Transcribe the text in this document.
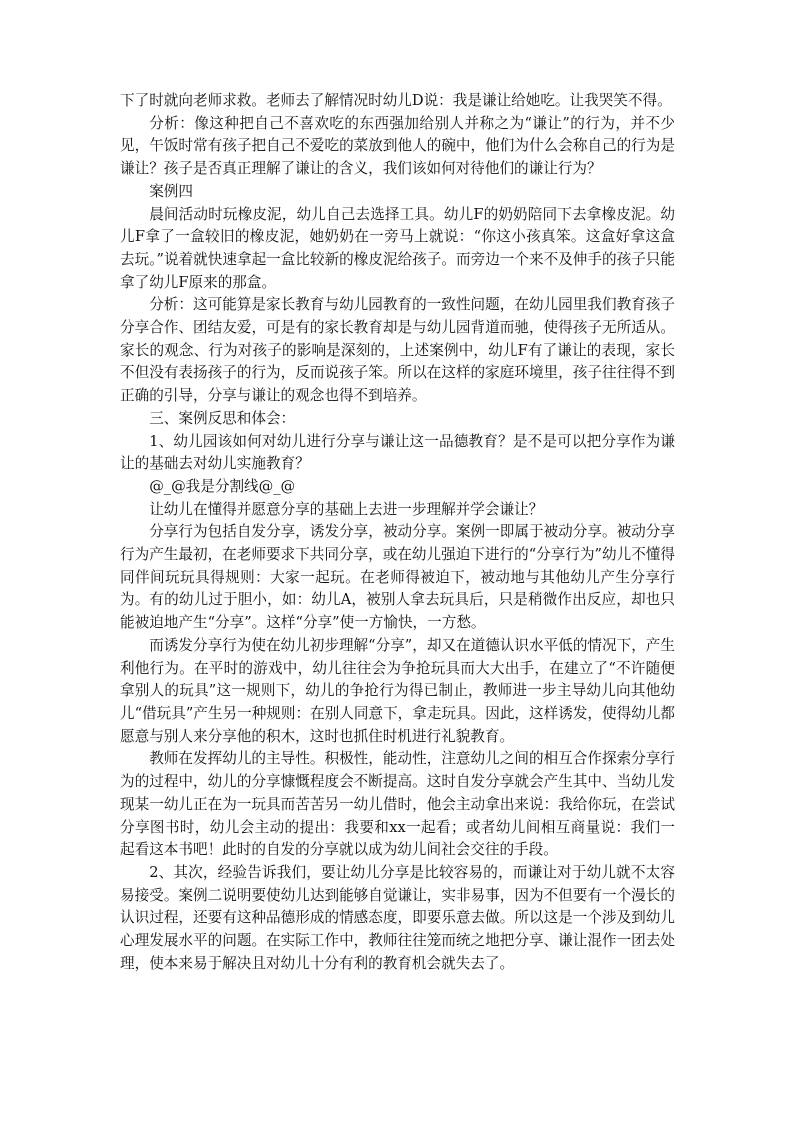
下了时就向老师求救。老师去了解情况时幼儿D说：我是谦让给她吃。让我哭笑不得。

分析：像这种把自己不喜欢吃的东西强加给别人并称之为“谦让”的行为，并不少见，午饭时常有孩子把自己不爱吃的菜放到他人的碗中，他们为什么会称自己的行为是谦让？孩子是否真正理解了谦让的含义，我们该如何对待他们的谦让行为？

案例四

晨间活动时玩橡皮泥，幼儿自己去选择工具。幼儿F的奶奶陪同下去拿橡皮泥。幼儿F拿了一盒较旧的橡皮泥，她奶奶在一旁马上就说：“你这小孩真笨。这盒好拿这盒去玩。”说着就快速拿起一盒比较新的橡皮泥给孩子。而旁边一个来不及伸手的孩子只能拿了幼儿F原来的那盒。

分析：这可能算是家长教育与幼儿园教育的一致性问题，在幼儿园里我们教育孩子分享合作、团结友爱，可是有的家长教育却是与幼儿园背道而驰，使得孩子无所适从。家长的观念、行为对孩子的影响是深刻的，上述案例中，幼儿F有了谦让的表现，家长不但没有表扬孩子的行为，反而说孩子笨。所以在这样的家庭环境里，孩子往往得不到正确的引导，分享与谦让的观念也得不到培养。

三、案例反思和体会：

1、幼儿园该如何对幼儿进行分享与谦让这一品德教育？是不是可以把分享作为谦让的基础去对幼儿实施教育？

@_@我是分割线@_@

让幼儿在懂得并愿意分享的基础上去进一步理解并学会谦让？

分享行为包括自发分享，诱发分享，被动分享。案例一即属于被动分享。被动分享行为产生最初，在老师要求下共同分享，或在幼儿强迫下进行的“分享行为”幼儿不懂得同伴间玩玩具得规则：大家一起玩。在老师得被迫下，被动地与其他幼儿产生分享行为。有的幼儿过于胆小，如：幼儿A，被别人拿去玩具后，只是稍微作出反应，却也只能被迫地产生“分享”。这样“分享”使一方愉快，一方愁。

而诱发分享行为使在幼儿初步理解“分享”，却又在道德认识水平低的情况下，产生利他行为。在平时的游戏中，幼儿往往会为争抢玩具而大大出手，在建立了“不许随便拿别人的玩具”这一规则下，幼儿的争抢行为得已制止，教师进一步主导幼儿向其他幼儿“借玩具”产生另一种规则：在别人同意下，拿走玩具。因此，这样诱发，使得幼儿都愿意与别人来分享他的积木，这时也抓住时机进行礼貌教育。

教师在发挥幼儿的主导性。积极性，能动性，注意幼儿之间的相互合作探索分享行为的过程中，幼儿的分享慷慨程度会不断提高。这时自发分享就会产生其中、当幼儿发现某一幼儿正在为一玩具而苦苦另一幼儿借时，他会主动拿出来说：我给你玩，在尝试分享图书时，幼儿会主动的提出：我要和xx一起看；或者幼儿间相互商量说：我们一起看这本书吧！此时的自发的分享就以成为幼儿间社会交往的手段。

2、其次，经验告诉我们，要让幼儿分享是比较容易的，而谦让对于幼儿就不太容易接受。案例二说明要使幼儿达到能够自觉谦让，实非易事，因为不但要有一个漫长的认识过程，还要有这种品德形成的情感态度，即要乐意去做。所以这是一个涉及到幼儿心理发展水平的问题。在实际工作中，教师往往笼而统之地把分享、谦让混作一团去处理，使本来易于解决且对幼儿十分有利的教育机会就失去了。
